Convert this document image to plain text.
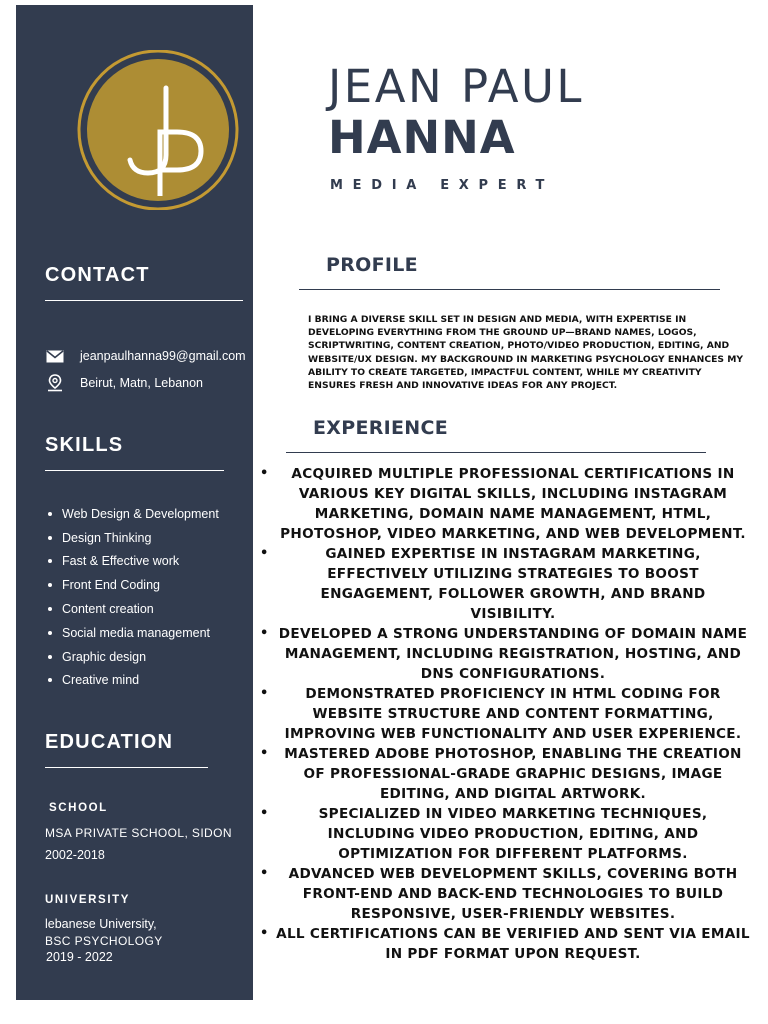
CONTACT
jeanpaulhanna99@gmail.com
Beirut, Matn, Lebanon
SKILLS
Web Design & Development
Design Thinking
Fast & Effective work
Front End Coding
Content creation
Social media management
Graphic design
Creative mind
EDUCATION
SCHOOL
MSA PRIVATE SCHOOL, SIDON
2002-2018
UNIVERSITY
lebanese University,
BSC PSYCHOLOGY
2019 - 2022
JEAN PAUL
HANNA
MEDIA EXPERT
PROFILE
I BRING A DIVERSE SKILL SET IN DESIGN AND MEDIA, WITH EXPERTISE IN DEVELOPING EVERYTHING FROM THE GROUND UP—BRAND NAMES, LOGOS, SCRIPTWRITING, CONTENT CREATION, PHOTO/VIDEO PRODUCTION, EDITING, AND WEBSITE/UX DESIGN. MY BACKGROUND IN MARKETING PSYCHOLOGY ENHANCES MY ABILITY TO CREATE TARGETED, IMPACTFUL CONTENT, WHILE MY CREATIVITY ENSURES FRESH AND INNOVATIVE IDEAS FOR ANY PROJECT.
EXPERIENCE
• ACQUIRED MULTIPLE PROFESSIONAL CERTIFICATIONS IN VARIOUS KEY DIGITAL SKILLS, INCLUDING INSTAGRAM MARKETING, DOMAIN NAME MANAGEMENT, HTML, PHOTOSHOP, VIDEO MARKETING, AND WEB DEVELOPMENT.
•	GAINED EXPERTISE IN INSTAGRAM MARKETING, EFFECTIVELY UTILIZING STRATEGIES TO BOOST ENGAGEMENT, FOLLOWER GROWTH, AND BRAND VISIBILITY.
• DEVELOPED A STRONG UNDERSTANDING OF DOMAIN NAME MANAGEMENT, INCLUDING REGISTRATION, HOSTING, AND DNS CONFIGURATIONS.
•	DEMONSTRATED PROFICIENCY IN HTML CODING FOR WEBSITE STRUCTURE AND CONTENT FORMATTING, IMPROVING WEB FUNCTIONALITY AND USER EXPERIENCE.
• MASTERED ADOBE PHOTOSHOP, ENABLING THE CREATION OF PROFESSIONAL-GRADE GRAPHIC DESIGNS, IMAGE EDITING, AND DIGITAL ARTWORK.
•	SPECIALIZED IN VIDEO MARKETING TECHNIQUES, INCLUDING VIDEO PRODUCTION, EDITING, AND OPTIMIZATION FOR DIFFERENT PLATFORMS.
• ADVANCED WEB DEVELOPMENT SKILLS, COVERING BOTH FRONT-END AND BACK-END TECHNOLOGIES TO BUILD RESPONSIVE, USER-FRIENDLY WEBSITES.
• ALL CERTIFICATIONS CAN BE VERIFIED AND SENT VIA EMAIL IN PDF FORMAT UPON REQUEST.
